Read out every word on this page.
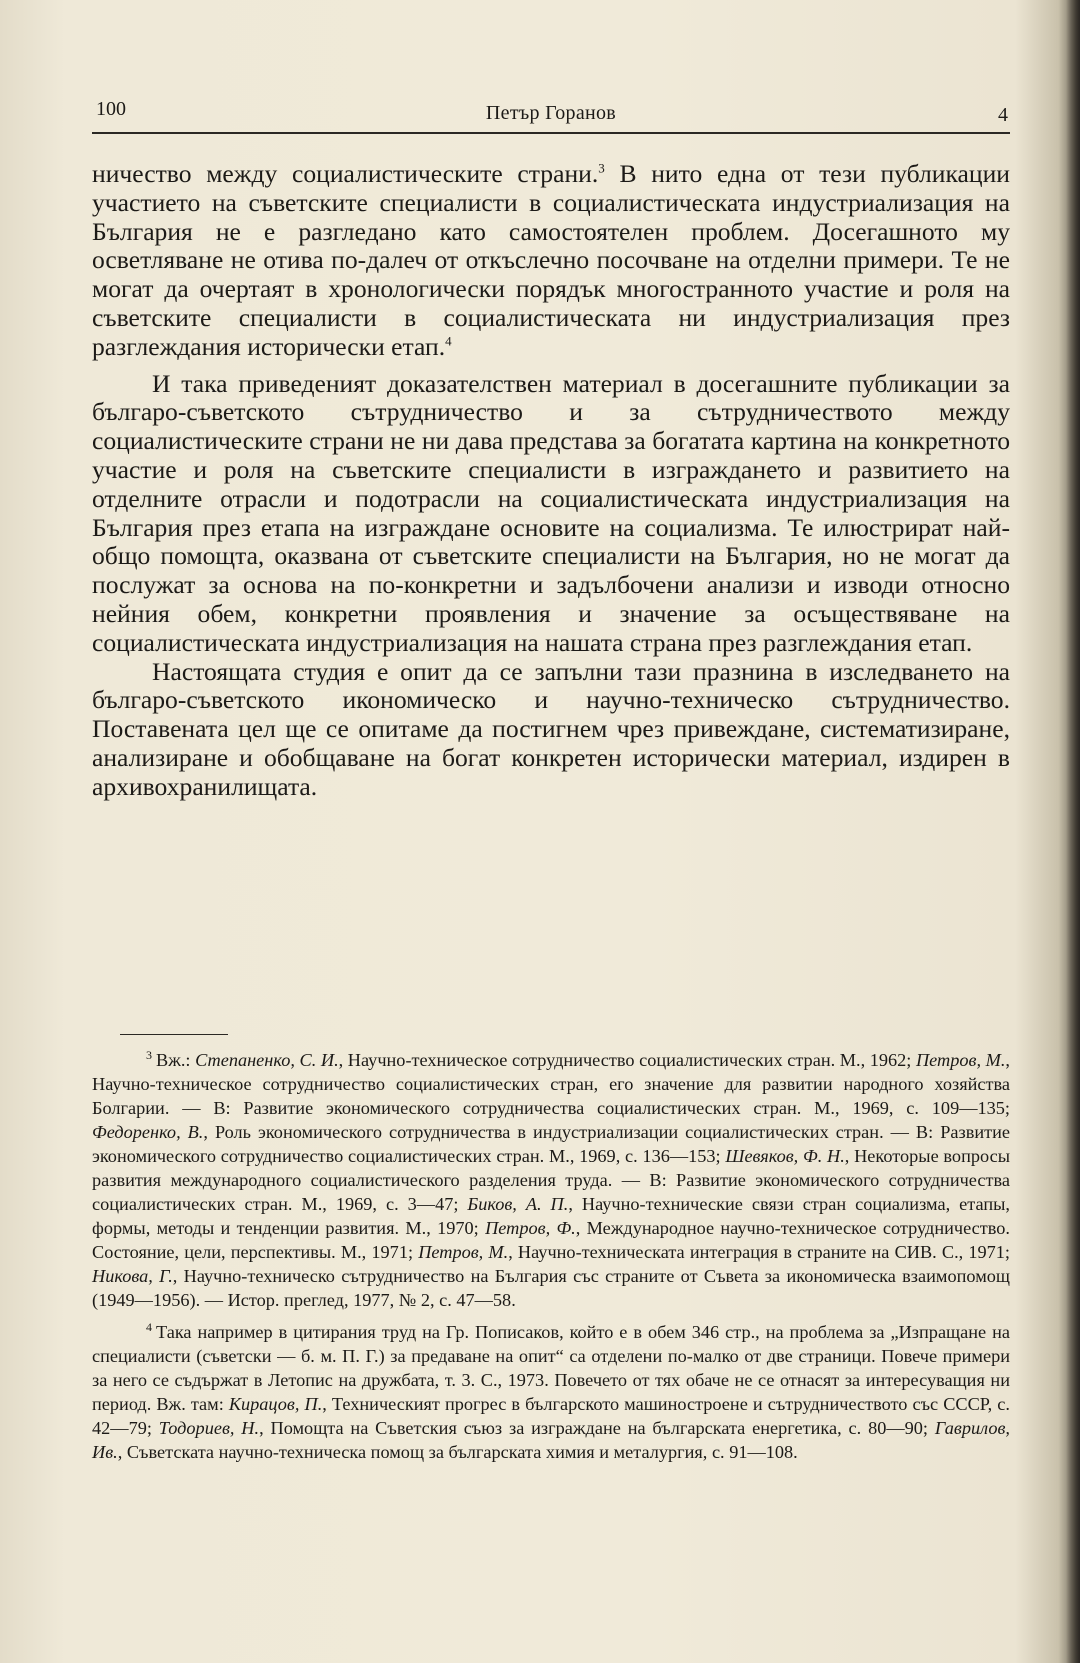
100	Петър Горанов	4

ничество между социалистическите страни.$^3$ В нито една от тези публикации участието на съветските специалисти в социалистическата индустриализация на България не е разгледано като самостоятелен проблем. Досегашното му осветляване не отива по-далеч от откъслечно посочване на отделни примери. Те не могат да очертаят в хронологически порядък многостранното участие и роля на съветските специалисти в социалистическата ни индустриализация през разглеждания исторически етап.$^4$

И така приведеният доказателствен материал в досегашните публикации за българо-съветското сътрудничество и за сътрудничеството между социалистическите страни не ни дава представа за богатата картина на конкретното участие и роля на съветските специалисти в изграждането и развитието на отделните отрасли и подотрасли на социалистическата индустриализация на България през етапа на изграждане основите на социализма. Те илюстрират най-общо помощта, оказвана от съветските специалисти на България, но не могат да послужат за основа на по-конкретни и задълбочени анализи и изводи относно нейния обем, конкретни проявления и значение за осъществяване на социалистическата индустриализация на нашата страна през разглеждания етап.

Настоящата студия е опит да се запълни тази празнина в изследването на българо-съветското икономическо и научно-техническо сътрудничество. Поставената цел ще се опитаме да постигнем чрез привеждане, систематизиране, анализиране и обобщаване на богат конкретен исторически материал, издирен в архивохранилищата.

$^3$ Вж.: Степаненко, С. И., Научно-техническое сотрудничество социалистических стран. М., 1962; Петров, М., Научно-техническое сотрудничество социалистических стран, его значение для развитии народного хозяйства Болгарии. — В: Развитие экономического сотрудничества социалистических стран. М., 1969, с. 109—135; Федоренко, В., Роль экономического сотрудничества в индустриализации социалистических стран. — В: Развитие экономического сотрудничество социалистических стран. М., 1969, с. 136—153; Шевяков, Ф. Н., Некоторые вопросы развития международного социалистического разделения труда. — В: Развитие экономического сотрудничества социалистических стран. М., 1969, с. 3—47; Биков, А. П., Научно-технические связи стран социализма, етапы, формы, методы и тенденции развития. М., 1970; Петров, Ф., Международное научно-техническое сотрудничество. Состояние, цели, перспективы. М., 1971; Петров, М., Научно-техническата интеграция в страните на СИВ. С., 1971; Никова, Г., Научно-техническо сътрудничество на България със страните от Съвета за икономическа взаимопомощ (1949—1956). — Истор. преглед, 1977, № 2, с. 47—58.

$^4$ Така например в цитирания труд на Гр. Пописаков, който е в обем 346 стр., на проблема за „Изпращане на специалисти (съветски — б. м. П. Г.) за предаване на опит“ са отделени по-малко от две страници. Повече примери за него се съдържат в Летопис на дружбата, т. 3. С., 1973. Повечето от тях обаче не се отнасят за интересуващия ни период. Вж. там: Кирацов, П., Техническият прогрес в българското машиностроене и сътрудничеството със СССР, с. 42—79; Тодориев, Н., Помощта на Съветския съюз за изграждане на българската енергетика, с. 80—90; Гаврилов, Ив., Съветската научно-техническа помощ за българската химия и металургия, с. 91—108.
